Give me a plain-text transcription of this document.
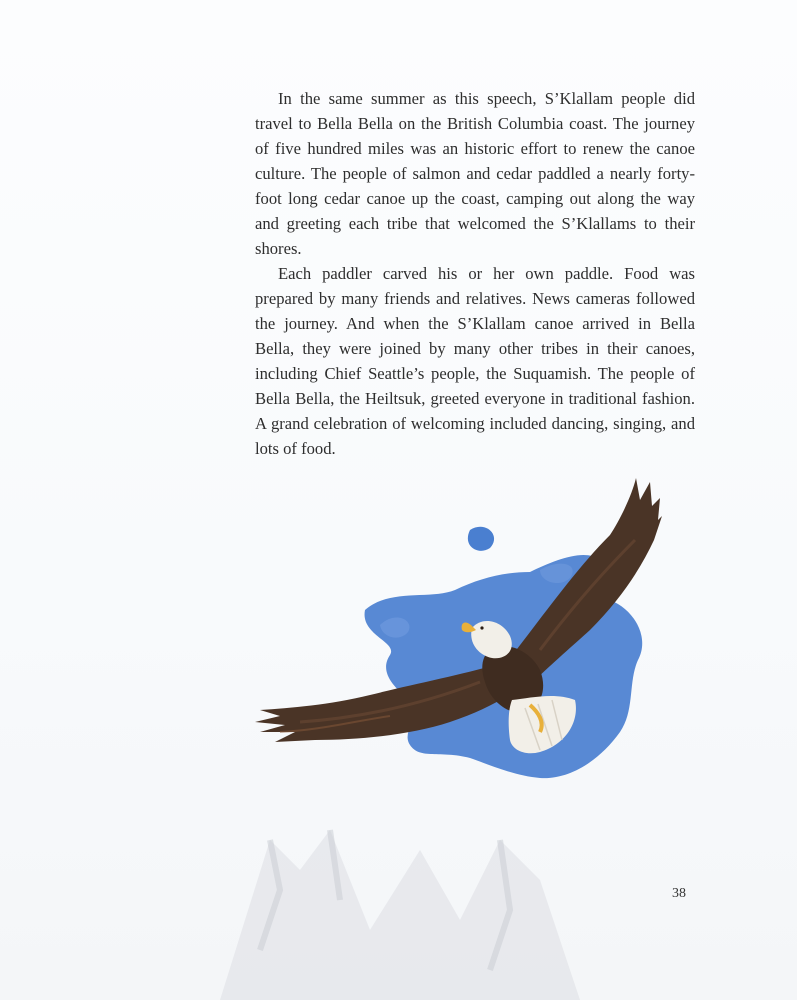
In the same summer as this speech, S’Klallam people did travel to Bella Bella on the British Columbia coast. The journey of five hundred miles was an historic effort to renew the canoe culture. The people of salmon and cedar paddled a nearly forty-foot long cedar canoe up the coast, camping out along the way and greeting each tribe that welcomed the S’Klallams to their shores.

Each paddler carved his or her own paddle. Food was prepared by many friends and relatives. News cameras followed the journey. And when the S’Klallam canoe arrived in Bella Bella, they were joined by many other tribes in their canoes, including Chief Seattle’s people, the Suquamish. The people of Bella Bella, the Heiltsuk, greeted everyone in traditional fashion. A grand celebration of welcoming included dancing, singing, and lots of food.

38
